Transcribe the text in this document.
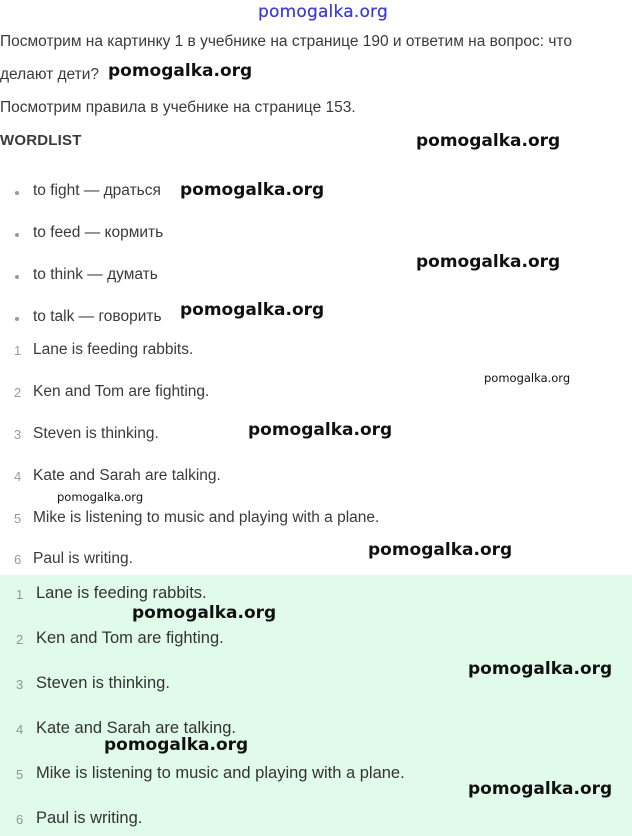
pomogalka.org
Посмотрим на картинку 1 в учебнике на странице 190 и ответим на вопрос: что
делают дети?
Посмотрим правила в учебнике на странице 153.
WORDLIST
to fight — драться
to feed — кормить
to think — думать
to talk — говорить
1 Lane is feeding rabbits.
2 Ken and Tom are fighting.
3 Steven is thinking.
4 Kate and Sarah are talking.
5 Mike is listening to music and playing with a plane.
6 Paul is writing.
1 Lane is feeding rabbits.
2 Ken and Tom are fighting.
3 Steven is thinking.
4 Kate and Sarah are talking.
5 Mike is listening to music and playing with a plane.
6 Paul is writing.
pomogalka.org
pomogalka.org
pomogalka.org
pomogalka.org
pomogalka.org
pomogalka.org
pomogalka.org
pomogalka.org
pomogalka.org
pomogalka.org
pomogalka.org
pomogalka.org
pomogalka.org
